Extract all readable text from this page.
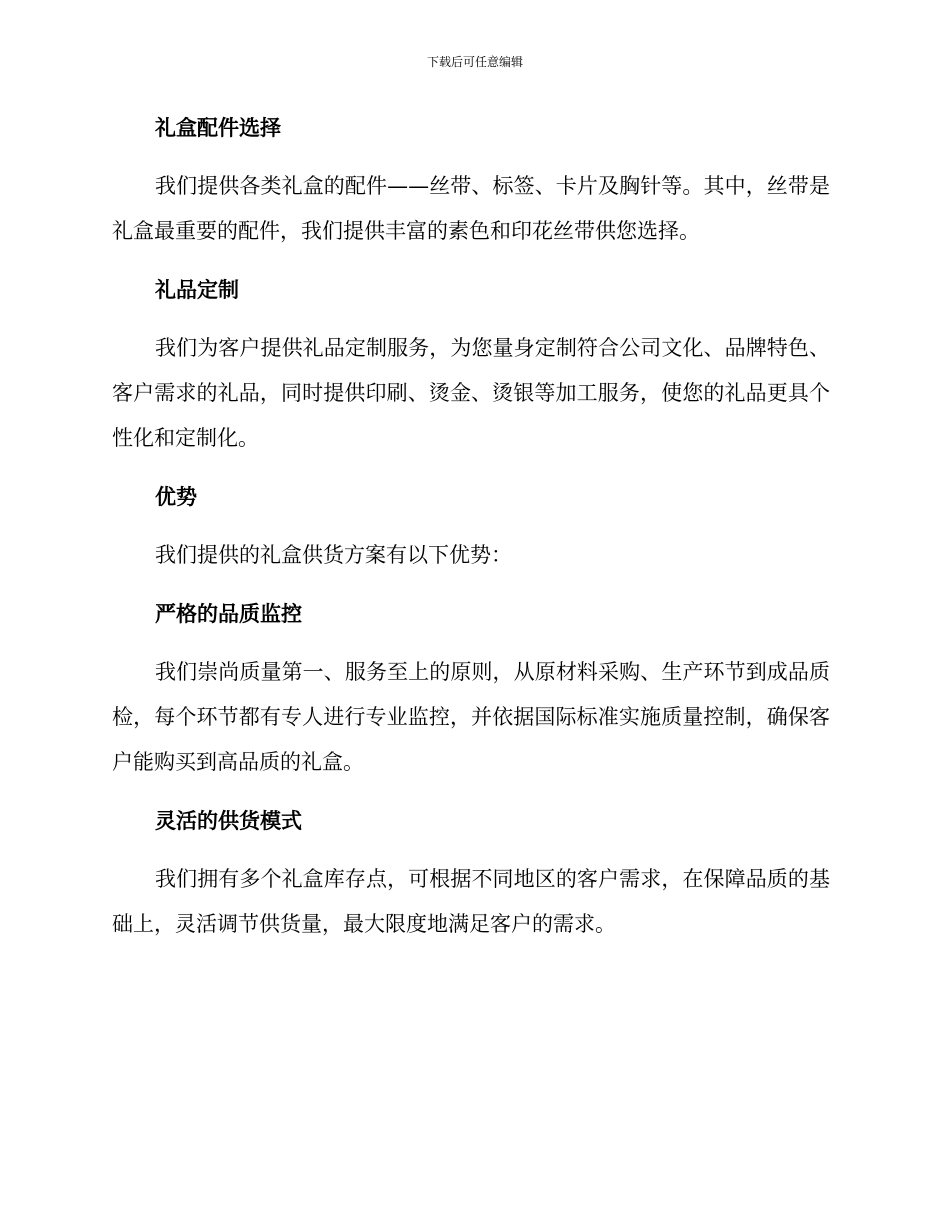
下载后可任意编辑
礼盒配件选择

我们提供各类礼盒的配件——丝带、标签、卡片及胸针等。其中，丝带是礼盒最重要的配件，我们提供丰富的素色和印花丝带供您选择。

礼品定制

我们为客户提供礼品定制服务，为您量身定制符合公司文化、品牌特色、客户需求的礼品，同时提供印刷、烫金、烫银等加工服务，使您的礼品更具个性化和定制化。

优势

我们提供的礼盒供货方案有以下优势：

严格的品质监控

我们崇尚质量第一、服务至上的原则，从原材料采购、生产环节到成品质检，每个环节都有专人进行专业监控，并依据国际标准实施质量控制，确保客户能购买到高品质的礼盒。

灵活的供货模式

我们拥有多个礼盒库存点，可根据不同地区的客户需求，在保障品质的基础上，灵活调节供货量，最大限度地满足客户的需求。
